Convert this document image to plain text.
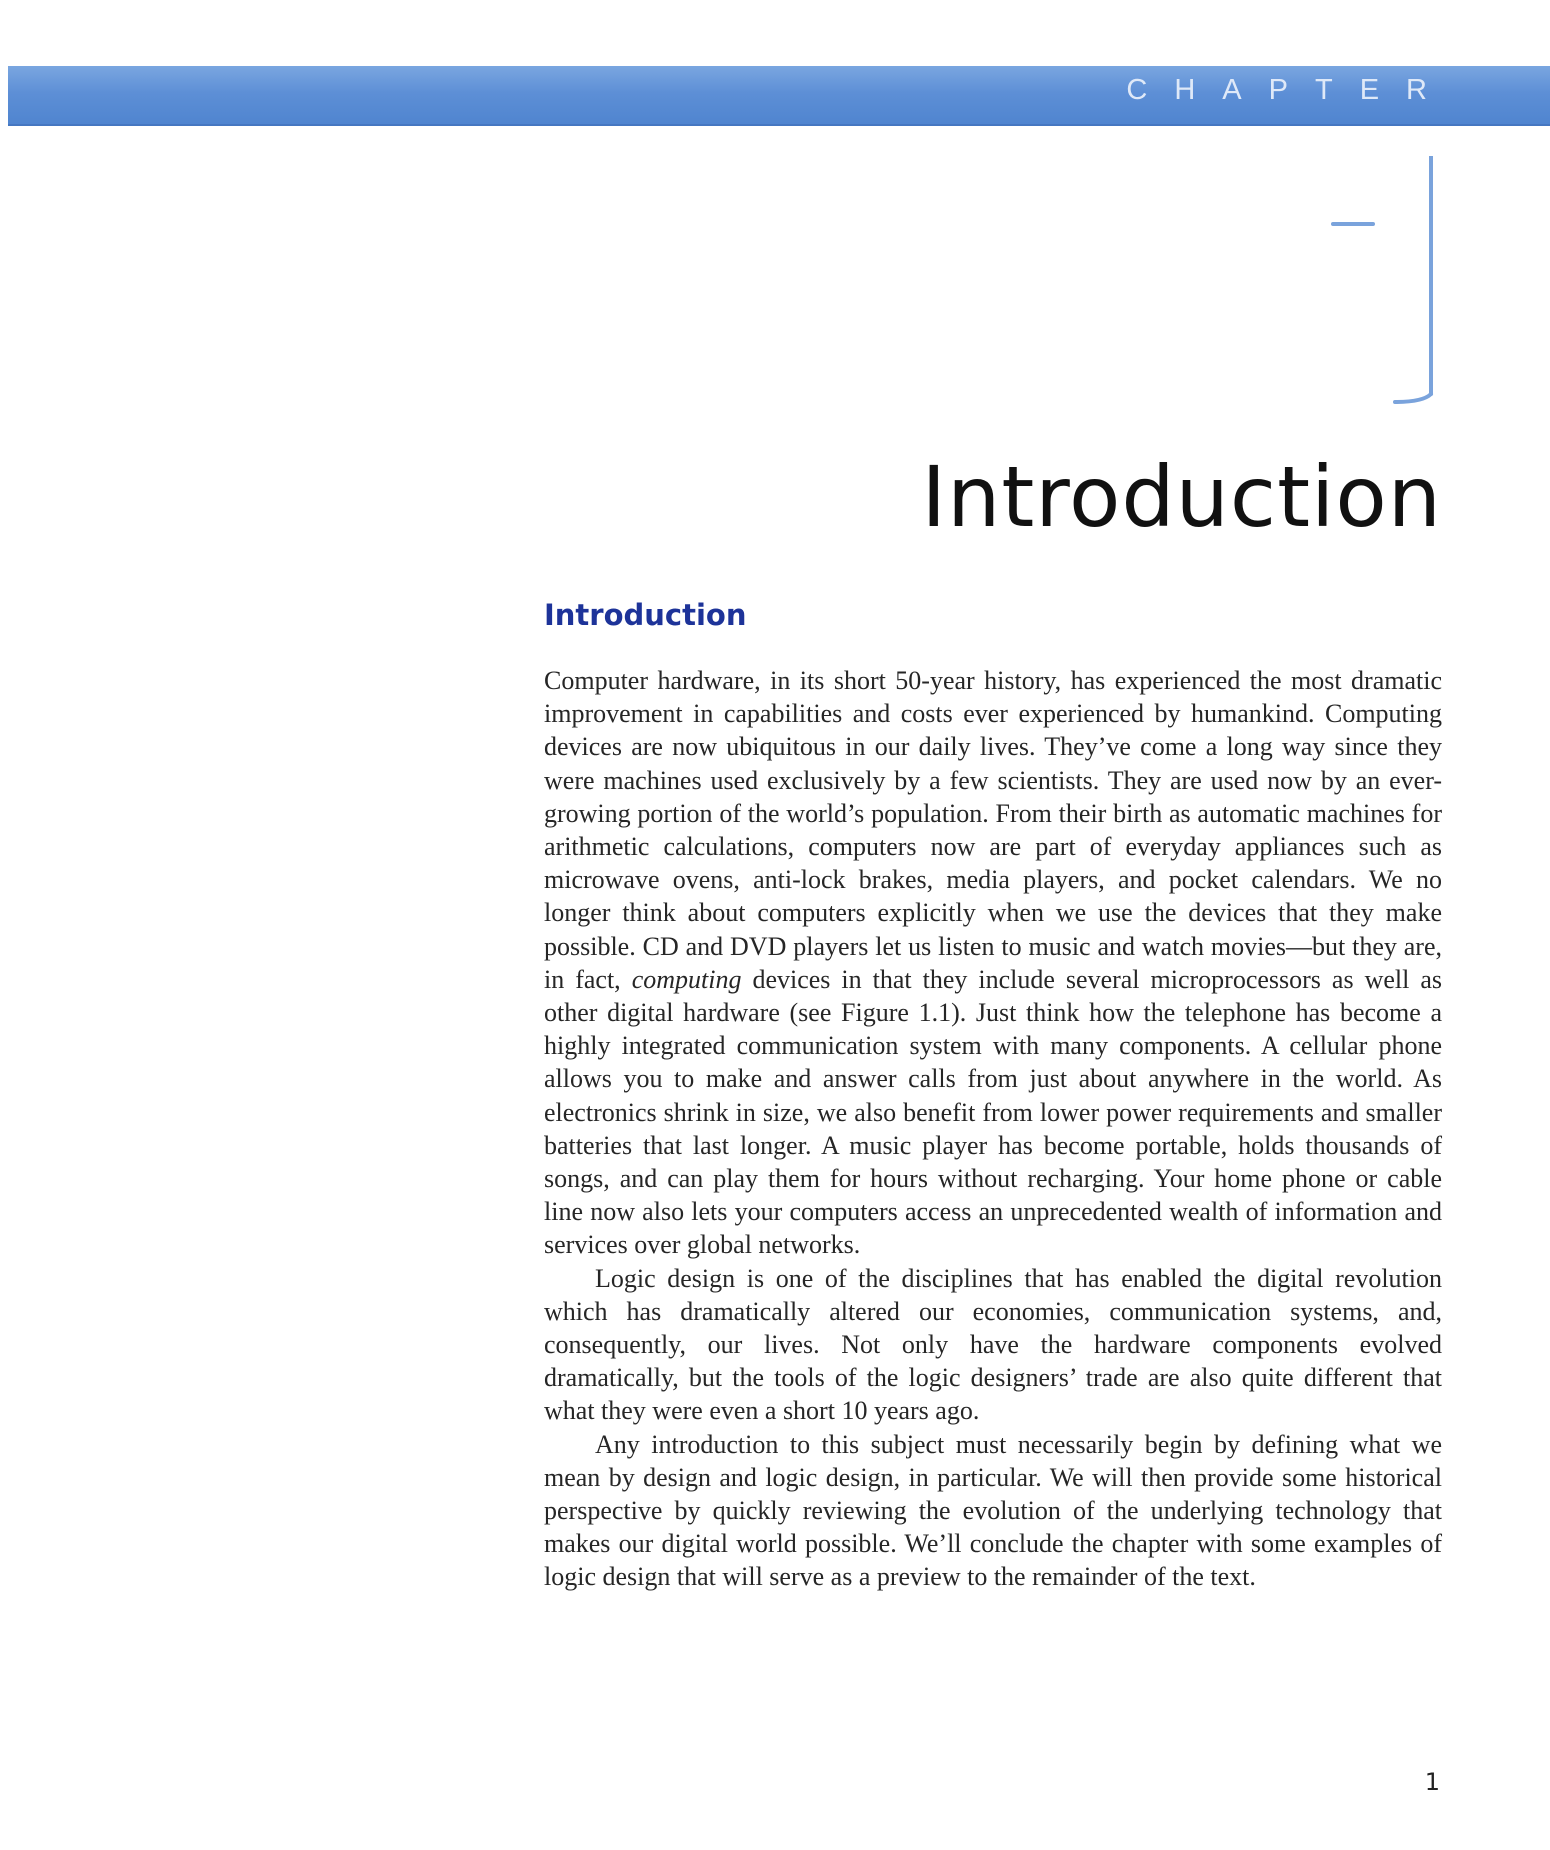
CHAPTER
Introduction
Introduction

Computer hardware, in its short 50-year history, has experienced the most dramatic improvement in capabilities and costs ever experienced by humankind. Computing devices are now ubiquitous in our daily lives. They’ve come a long way since they were machines used exclusively by a few scientists. They are used now by an ever-growing portion of the world’s population. From their birth as automatic machines for arithmetic calculations, computers now are part of everyday appliances such as microwave ovens, anti-lock brakes, media players, and pocket calendars. We no longer think about computers explicitly when we use the devices that they make possible. CD and DVD players let us listen to music and watch movies—but they are, in fact, computing devices in that they include several microprocessors as well as other digital hardware (see Figure 1.1). Just think how the telephone has become a highly integrated communication system with many components. A cellular phone allows you to make and answer calls from just about anywhere in the world. As electronics shrink in size, we also benefit from lower power requirements and smaller batteries that last longer. A music player has become portable, holds thousands of songs, and can play them for hours without recharging. Your home phone or cable line now also lets your computers access an unprecedented wealth of information and services over global networks.

Logic design is one of the disciplines that has enabled the digital revolution which has dramatically altered our economies, communication systems, and, consequently, our lives. Not only have the hardware components evolved dramatically, but the tools of the logic designers’ trade are also quite different that what they were even a short 10 years ago.

Any introduction to this subject must necessarily begin by defining what we mean by design and logic design, in particular. We will then provide some historical perspective by quickly reviewing the evolution of the underlying technology that makes our digital world possible. We’ll conclude the chapter with some examples of logic design that will serve as a preview to the remainder of the text.

1
